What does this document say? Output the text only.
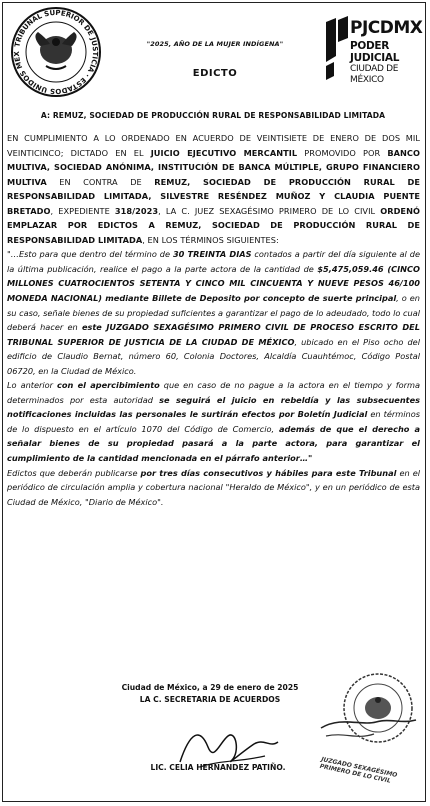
TRIBUNAL SUPERIOR DE JUSTICIA · ESTADOS UNIDOS MEX
"2025, AÑO DE LA MUJER INDÍGENA"
EDICTO
PJCDMX
PODER JUDICIAL
CIUDAD DE MÉXICO
A: REMUZ, SOCIEDAD DE PRODUCCIÓN RURAL DE RESPONSABILIDAD LIMITADA

EN CUMPLIMIENTO A LO ORDENADO EN ACUERDO DE VEINTISIETE DE ENERO DE DOS MIL VEINTICINCO; DICTADO EN EL JUICIO EJECUTIVO MERCANTIL PROMOVIDO POR BANCO MULTIVA, SOCIEDAD ANÓNIMA, INSTITUCIÓN DE BANCA MÚLTIPLE, GRUPO FINANCIERO MULTIVA EN CONTRA DE REMUZ, SOCIEDAD DE PRODUCCIÓN RURAL DE RESPONSABILIDAD LIMITADA, SILVESTRE RESÉNDEZ MUÑOZ Y CLAUDIA PUENTE BRETADO, EXPEDIENTE 318/2023, LA C. JUEZ SEXAGÉSIMO PRIMERO DE LO CIVIL ORDENÓ EMPLAZAR POR EDICTOS A REMUZ, SOCIEDAD DE PRODUCCIÓN RURAL DE RESPONSABILIDAD LIMITADA, EN LOS TÉRMINOS SIGUIENTES:

"…Esto para que dentro del término de 30 TREINTA DIAS contados a partir del día siguiente al de la última publicación, realice el pago a la parte actora de la cantidad de $5,475,059.46 (CINCO MILLONES CUATROCIENTOS SETENTA Y CINCO MIL CINCUENTA Y NUEVE PESOS 46/100 MONEDA NACIONAL) mediante Billete de Deposito por concepto de suerte principal, o en su caso, señale bienes de su propiedad suficientes a garantizar el pago de lo adeudado, todo lo cual deberá hacer en este JUZGADO SEXAGÉSIMO PRIMERO CIVIL DE PROCESO ESCRITO DEL TRIBUNAL SUPERIOR DE JUSTICIA DE LA CIUDAD DE MÉXICO, ubicado en el Piso ocho del edificio de Claudio Bernat, número 60, Colonia Doctores, Alcaldía Cuauhtémoc, Código Postal 06720, en la Ciudad de México.

Lo anterior con el apercibimiento que en caso de no pague a la actora en el tiempo y forma determinados por esta autoridad se seguirá el juicio en rebeldía y las subsecuentes notificaciones incluidas las personales le surtirán efectos por Boletín Judicial en términos de lo dispuesto en el artículo 1070 del Código de Comercio, además de que el derecho a señalar bienes de su propiedad pasará a la parte actora, para garantizar el cumplimiento de la cantidad mencionada en el párrafo anterior…"

Edictos que deberán publicarse por tres días consecutivos y hábiles para este Tribunal en el periódico de circulación amplia y cobertura nacional "Heraldo de México", y en un periódico de esta Ciudad de México, "Diario de México".

Ciudad de México, a 29 de enero de 2025
LA C. SECRETARIA DE ACUERDOS
LIC. CELIA HERNANDEZ PATIÑO.	JUZGADO SEXAGÉSIMO PRIMERO DE LO CIVIL
